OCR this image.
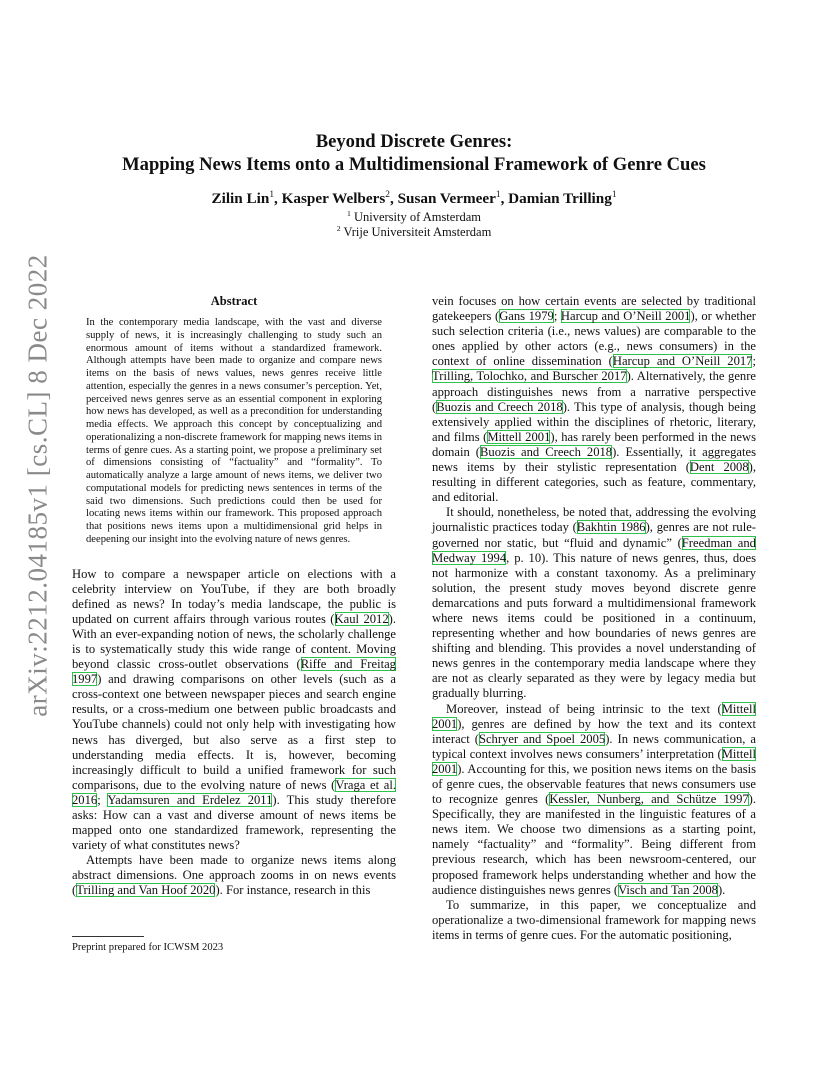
arXiv:2212.04185v1 [cs.CL] 8 Dec 2022
Beyond Discrete Genres:
Mapping News Items onto a Multidimensional Framework of Genre Cues
Zilin Lin$^1$, Kasper Welbers$^2$, Susan Vermeer$^1$, Damian Trilling$^1$
$^1$ University of Amsterdam
$^2$ Vrije Universiteit Amsterdam
Abstract
In the contemporary media landscape, with the vast and diverse supply of news, it is increasingly challenging to study such an enormous amount of items without a standardized framework. Although attempts have been made to organize and compare news items on the basis of news values, news genres receive little attention, especially the genres in a news consumer’s perception. Yet, perceived news genres serve as an essential component in exploring how news has developed, as well as a precondition for understanding media effects. We approach this concept by conceptualizing and operationalizing a non-discrete framework for mapping news items in terms of genre cues. As a starting point, we propose a preliminary set of dimensions consisting of “factuality” and “formality”. To automatically analyze a large amount of news items, we deliver two computational models for predicting news sentences in terms of the said two dimensions. Such predictions could then be used for locating news items within our framework. This proposed approach that positions news items upon a multidimensional grid helps in deepening our insight into the evolving nature of news genres.

How to compare a newspaper article on elections with a celebrity interview on YouTube, if they are both broadly defined as news? In today’s media landscape, the public is updated on current affairs through various routes (Kaul 2012). With an ever-expanding notion of news, the scholarly challenge is to systematically study this wide range of content. Moving beyond classic cross-outlet observations (Riffe and Freitag 1997) and drawing comparisons on other levels (such as a cross-context one between newspaper pieces and search engine results, or a cross-medium one between public broadcasts and YouTube channels) could not only help with investigating how news has diverged, but also serve as a first step to understanding media effects. It is, however, becoming increasingly difficult to build a unified framework for such comparisons, due to the evolving nature of news (Vraga et al. 2016; Yadamsuren and Erdelez 2011). This study therefore asks: How can a vast and diverse amount of news items be mapped onto one standardized framework, representing the variety of what constitutes news?

Attempts have been made to organize news items along abstract dimensions. One approach zooms in on news events (Trilling and Van Hoof 2020). For instance, research in this

vein focuses on how certain events are selected by traditional gatekeepers (Gans 1979; Harcup and O’Neill 2001), or whether such selection criteria (i.e., news values) are comparable to the ones applied by other actors (e.g., news consumers) in the context of online dissemination (Harcup and O’Neill 2017; Trilling, Tolochko, and Burscher 2017). Alternatively, the genre approach distinguishes news from a narrative perspective (Buozis and Creech 2018). This type of analysis, though being extensively applied within the disciplines of rhetoric, literary, and films (Mittell 2001), has rarely been performed in the news domain (Buozis and Creech 2018). Essentially, it aggregates news items by their stylistic representation (Dent 2008), resulting in different categories, such as feature, commentary, and editorial.

It should, nonetheless, be noted that, addressing the evolving journalistic practices today (Bakhtin 1986), genres are not rule-governed nor static, but “fluid and dynamic” (Freedman and Medway 1994, p. 10). This nature of news genres, thus, does not harmonize with a constant taxonomy. As a preliminary solution, the present study moves beyond discrete genre demarcations and puts forward a multidimensional framework where news items could be positioned in a continuum, representing whether and how boundaries of news genres are shifting and blending. This provides a novel understanding of news genres in the contemporary media landscape where they are not as clearly separated as they were by legacy media but gradually blurring.

Moreover, instead of being intrinsic to the text (Mittell 2001), genres are defined by how the text and its context interact (Schryer and Spoel 2005). In news communication, a typical context involves news consumers’ interpretation (Mittell 2001). Accounting for this, we position news items on the basis of genre cues, the observable features that news consumers use to recognize genres (Kessler, Nunberg, and Schütze 1997). Specifically, they are manifested in the linguistic features of a news item. We choose two dimensions as a starting point, namely “factuality” and “formality”. Being different from previous research, which has been newsroom-centered, our proposed framework helps understanding whether and how the audience distinguishes news genres (Visch and Tan 2008).

To summarize, in this paper, we conceptualize and operationalize a two-dimensional framework for mapping news items in terms of genre cues. For the automatic positioning,

Preprint prepared for ICWSM 2023
